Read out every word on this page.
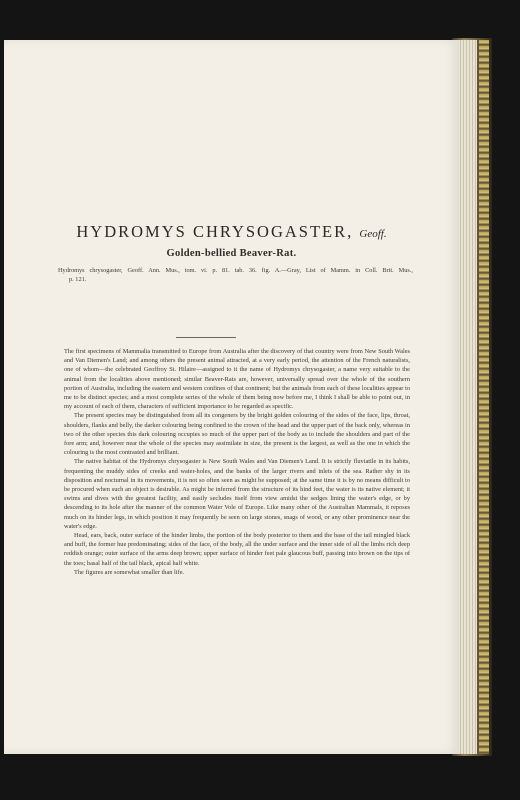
HYDROMYS CHRYSOGASTER, Geoff.
Golden-bellied Beaver-Rat.
Hydromys chrysogaster, Geoff. Ann. Mus., tom. vi. p. 81. tab. 36. fig. A.—Gray, List of Mamm. in Coll. Brit. Mus.,
p. 121.

The first specimens of Mammalia transmitted to Europe from Australia after the discovery of that country were from New South Wales and Van Diemen's Land; and among others the present animal attracted, at a very early period, the attention of the French naturalists, one of whom—the celebrated Geoffroy St. Hilaire—assigned to it the name of Hydromys chrysogaster, a name very suitable to the animal from the localities above mentioned; similar Beaver-Rats are, however, universally spread over the whole of the southern portion of Australia, including the eastern and western confines of that continent; but the animals from each of these localities appear to me to be distinct species; and a most complete series of the whole of them being now before me, I think I shall be able to point out, in my account of each of them, characters of sufficient importance to be regarded as specific.

The present species may be distinguished from all its congeners by the bright golden colouring of the sides of the face, lips, throat, shoulders, flanks and belly, the darker colouring being confined to the crown of the head and the upper part of the back only, whereas in two of the other species this dark colouring occupies so much of the upper part of the body as to include the shoulders and part of the fore arm; and, however near the whole of the species may assimilate in size, the present is the largest, as well as the one in which the colouring is the most contrasted and brilliant.

The native habitat of the Hydromys chrysogaster is New South Wales and Van Diemen's Land. It is strictly fluviatile in its habits, frequenting the muddy sides of creeks and water-holes, and the banks of the larger rivers and inlets of the sea. Rather shy in its disposition and nocturnal in its movements, it is not so often seen as might be supposed; at the same time it is by no means difficult to be procured when such an object is desirable. As might be inferred from the structure of its hind feet, the water is its native element; it swims and dives with the greatest facility, and easily secludes itself from view amidst the sedges lining the water's edge, or by descending to its hole after the manner of the common Water Vole of Europe. Like many other of the Australian Mammals, it reposes much on its hinder legs, in which position it may frequently be seen on large stones, snags of wood, or any other prominence near the water's edge.

Head, ears, back, outer surface of the hinder limbs, the portion of the body posterior to them and the base of the tail mingled black and buff, the former hue predominating; sides of the face, of the body, all the under surface and the inner side of all the limbs rich deep reddish orange; outer surface of the arms deep brown; upper surface of hinder feet pale glaucous buff, passing into brown on the tips of the toes; basal half of the tail black, apical half white.

The figures are somewhat smaller than life.
